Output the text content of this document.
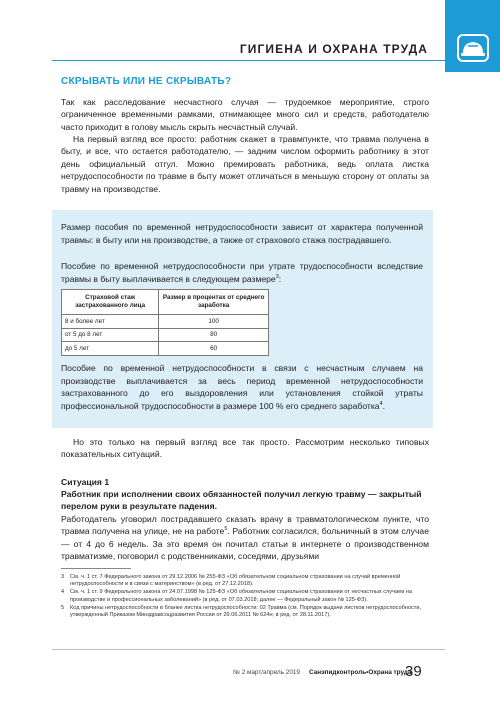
ГИГИЕНА И ОХРАНА ТРУДА
СКРЫВАТЬ ИЛИ НЕ СКРЫВАТЬ?

Так как расследование несчастного случая — трудоемкое мероприятие, строго ограниченное временными рамками, отнимающее много сил и средств, работодателю часто приходит в голову мысль скрыть несчастный случай.

На первый взгляд все просто: работник скажет в травмпункте, что травма получена в быту, и все, что остается работодателю, — задним числом оформить работнику в этот день официальный отгул. Можно премировать работника, ведь оплата листка нетрудоспособности по травме в быту может отличаться в меньшую сторону от оплаты за травму на производстве.

Размер пособия по временной нетрудоспособности зависит от характера полученной травмы: в быту или на производстве, а также от страхового стажа пострадавшего.

Пособие по временной нетрудоспособности при утрате трудоспособности вследствие травмы в быту выплачивается в следующем размере$^3$:

Страховой стаж застрахованного лица	Размер в процентах от среднего заработка
8 и более лет	100
от 5 до 8 лет	80
до 5 лет	60

Пособие по временной нетрудоспособности в связи с несчастным случаем на производстве выплачивается за весь период временной нетрудоспособности застрахованного до его выздоровления или установления стойкой утраты профессиональной трудоспособности в размере 100 % его среднего заработка$^4$.

Но это только на первый взгляд все так просто. Рассмотрим несколько типовых показательных ситуаций.

Ситуация 1

Работник при исполнении своих обязанностей получил легкую травму — закрытый перелом руки в результате падения.

Работодатель уговорил пострадавшего сказать врачу в травматологическом пункте, что травма получена на улице, не на работе$^5$. Работник согласился, больничный в этом случае — от 4 до 6 недель. За это время он почитал статьи в интернете о производственном травматизме, поговорил с родственниками, соседями, друзьями

3 См. ч. 1 ст. 7 Федерального закона от 29.12.2006 № 255-ФЗ «Об обязательном социальном страховании на случай временной нетрудоспособности и в связи с материнством» (в ред. от 27.12.2018).

4 См. ч. 1 ст. 9 Федерального закона от 24.07.1998 № 125-ФЗ «Об обязательном социальном страховании от несчастных случаев на производстве и профессиональных заболеваний» (в ред. от 07.03.2018; далее — Федеральный закон № 125-ФЗ).

5 Код причины нетрудоспособности в бланке листка нетрудоспособности: 02 Травма (см. Порядок выдачи листков нетрудоспособности, утвержденный Приказом Минздравсоцразвития России от 29.06.2011 № 624н; в ред. от 28.11.2017).

№ 2 март/апрель 2019 Санэпидконтроль•Охрана труда
39
